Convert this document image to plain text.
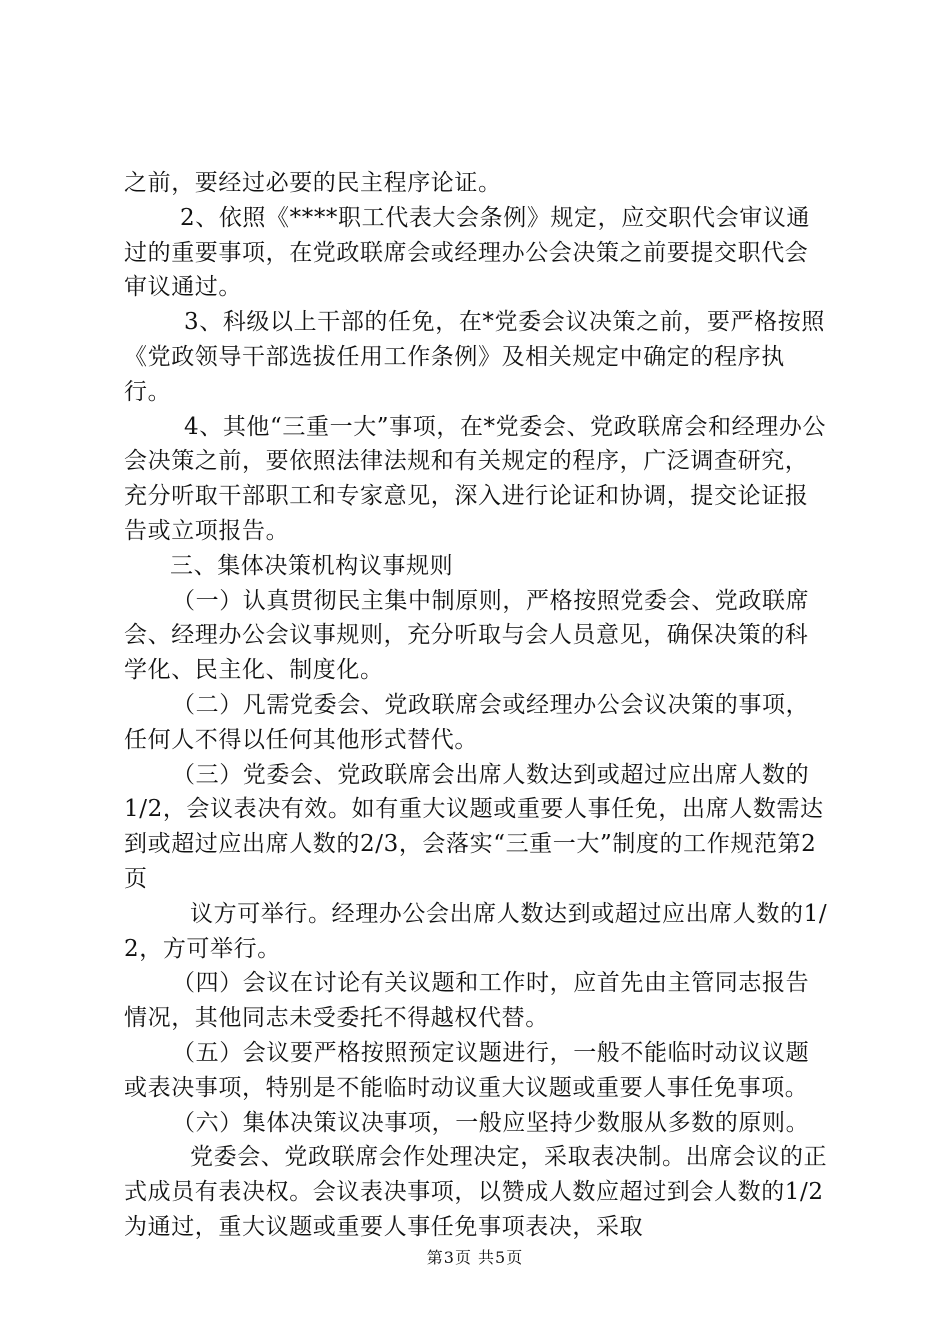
之前，要经过必要的民主程序论证。

2、依照《****职工代表大会条例》规定，应交职代会审议通过的重要事项，在党政联席会或经理办公会决策之前要提交职代会审议通过。

3、科级以上干部的任免，在*党委会议决策之前，要严格按照《党政领导干部选拔任用工作条例》及相关规定中确定的程序执行。

4、其他“三重一大”事项，在*党委会、党政联席会和经理办公会决策之前，要依照法律法规和有关规定的程序，广泛调查研究，充分听取干部职工和专家意见，深入进行论证和协调，提交论证报告或立项报告。

三、集体决策机构议事规则

（一）认真贯彻民主集中制原则，严格按照党委会、党政联席会、经理办公会议事规则，充分听取与会人员意见，确保决策的科学化、民主化、制度化。

（二）凡需党委会、党政联席会或经理办公会议决策的事项，任何人不得以任何其他形式替代。

（三）党委会、党政联席会出席人数达到或超过应出席人数的1/2，会议表决有效。如有重大议题或重要人事任免，出席人数需达到或超过应出席人数的2/3，会落实“三重一大”制度的工作规范第2页

议方可举行。经理办公会出席人数达到或超过应出席人数的1/2，方可举行。

（四）会议在讨论有关议题和工作时，应首先由主管同志报告情况，其他同志未受委托不得越权代替。

（五）会议要严格按照预定议题进行，一般不能临时动议议题或表决事项，特别是不能临时动议重大议题或重要人事任免事项。

（六）集体决策议决事项，一般应坚持少数服从多数的原则。

党委会、党政联席会作处理决定，采取表决制。出席会议的正式成员有表决权。会议表决事项，以赞成人数应超过到会人数的1/2为通过，重大议题或重要人事任免事项表决，采取

第3页 共5页
